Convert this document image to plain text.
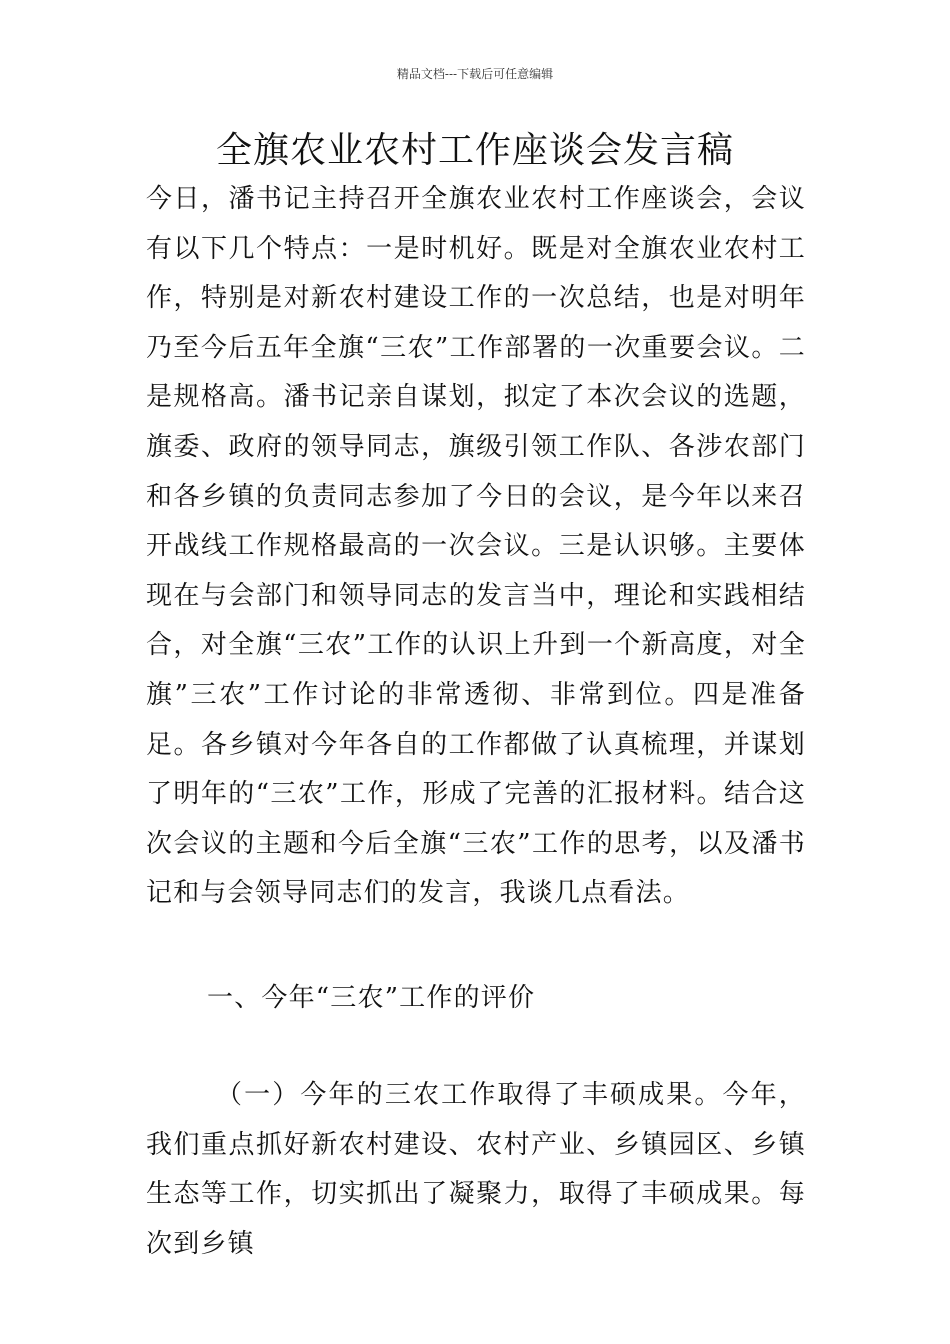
精品文档---下载后可任意编辑
全旗农业农村工作座谈会发言稿

今日，潘书记主持召开全旗农业农村工作座谈会，会议有以下几个特点：一是时机好。既是对全旗农业农村工作，特别是对新农村建设工作的一次总结，也是对明年乃至今后五年全旗“三农”工作部署的一次重要会议。二是规格高。潘书记亲自谋划，拟定了本次会议的选题，旗委、政府的领导同志，旗级引领工作队、各涉农部门和各乡镇的负责同志参加了今日的会议，是今年以来召开战线工作规格最高的一次会议。三是认识够。主要体现在与会部门和领导同志的发言当中，理论和实践相结合，对全旗“三农”工作的认识上升到一个新高度，对全旗”三农”工作讨论的非常透彻、非常到位。四是准备足。各乡镇对今年各自的工作都做了认真梳理，并谋划了明年的“三农”工作，形成了完善的汇报材料。结合这次会议的主题和今后全旗“三农”工作的思考，以及潘书记和与会领导同志们的发言，我谈几点看法。

一、今年“三农”工作的评价

（一）今年的三农工作取得了丰硕成果。今年，我们重点抓好新农村建设、农村产业、乡镇园区、乡镇生态等工作，切实抓出了凝聚力，取得了丰硕成果。每次到乡镇
